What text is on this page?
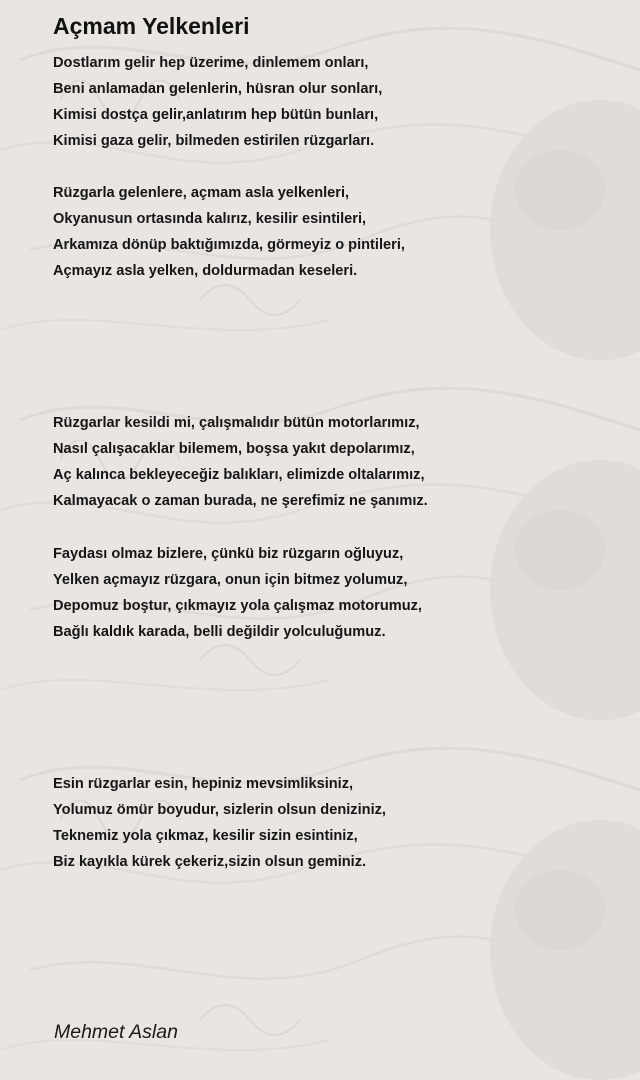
Açmam Yelkenleri
Dostlarım gelir hep üzerime, dinlemem onları,
Beni anlamadan gelenlerin, hüsran olur sonları,
Kimisi dostça gelir,anlatırım hep bütün bunları,
Kimisi gaza gelir, bilmeden estirilen rüzgarları.
Rüzgarla gelenlere, açmam asla yelkenleri,
Okyanusun ortasında kalırız, kesilir esintileri,
Arkamıza dönüp baktığımızda, görmeyiz o pintileri,
Açmayız asla yelken, doldurmadan keseleri.
Rüzgarlar kesildi mi, çalışmalıdır bütün motorlarımız,
Nasıl çalışacaklar bilemem, boşsa yakıt depolarımız,
Aç kalınca bekleyeceğiz balıkları, elimizde oltalarımız,
Kalmayacak o zaman burada, ne şerefimiz ne şanımız.
Faydası olmaz bizlere, çünkü biz rüzgarın oğluyuz,
Yelken açmayız rüzgara, onun için bitmez yolumuz,
Depomuz boştur, çıkmayız yola çalışmaz motorumuz,
Bağlı kaldık karada, belli değildir yolculuğumuz.
Esin rüzgarlar esin, hepiniz mevsimliksiniz,
Yolumuz ömür boyudur, sizlerin olsun deniziniz,
Teknemiz yola çıkmaz, kesilir sizin esintiniz,
Biz kayıkla kürek çekeriz,sizin olsun geminiz.

Mehmet Aslan
